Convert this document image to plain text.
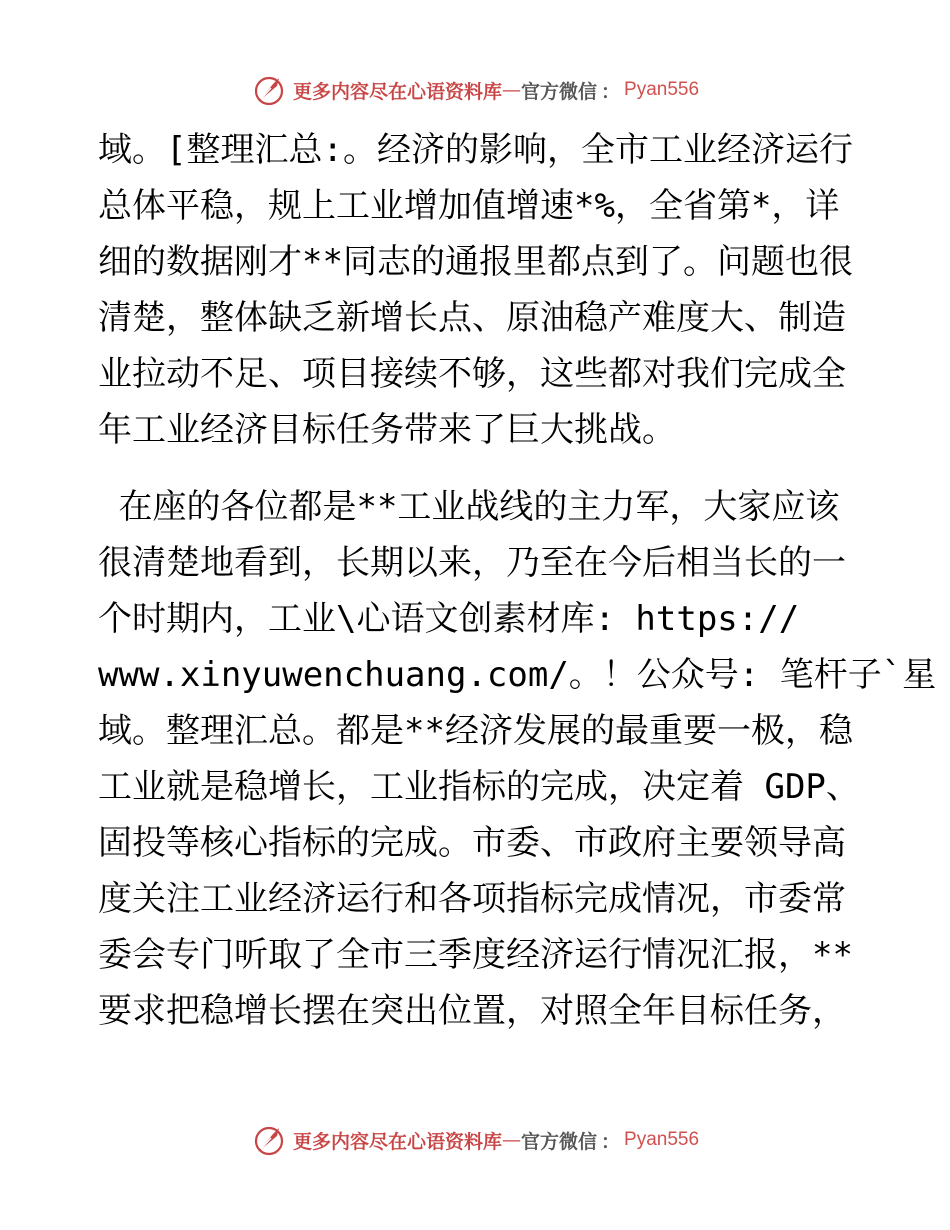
更多内容尽在心语资料库 — 官方微信 ： Pyan556
域。[整理汇总:。经济的影响，全市工业经济运行
总体平稳，规上工业增加值增速*%，全省第*，详
细的数据刚才**同志的通报里都点到了。问题也很
清楚，整体缺乏新增长点、原油稳产难度大、制造
业拉动不足、项目接续不够，这些都对我们完成全
年工业经济目标任务带来了巨大挑战。
在座的各位都是**工业战线的主力军，大家应该
很清楚地看到，长期以来，乃至在今后相当长的一
个时期内，工业\心语文创素材库: https://
www.xinyuwenchuang.com/。！公众号: 笔杆子`星
域。整理汇总。都是**经济发展的最重要一极，稳
工业就是稳增长，工业指标的完成，决定着 GDP、
固投等核心指标的完成。市委、市政府主要领导高
度关注工业经济运行和各项指标完成情况，市委常
委会专门听取了全市三季度经济运行情况汇报，**
要求把稳增长摆在突出位置，对照全年目标任务，
更多内容尽在心语资料库 — 官方微信 ： Pyan556
